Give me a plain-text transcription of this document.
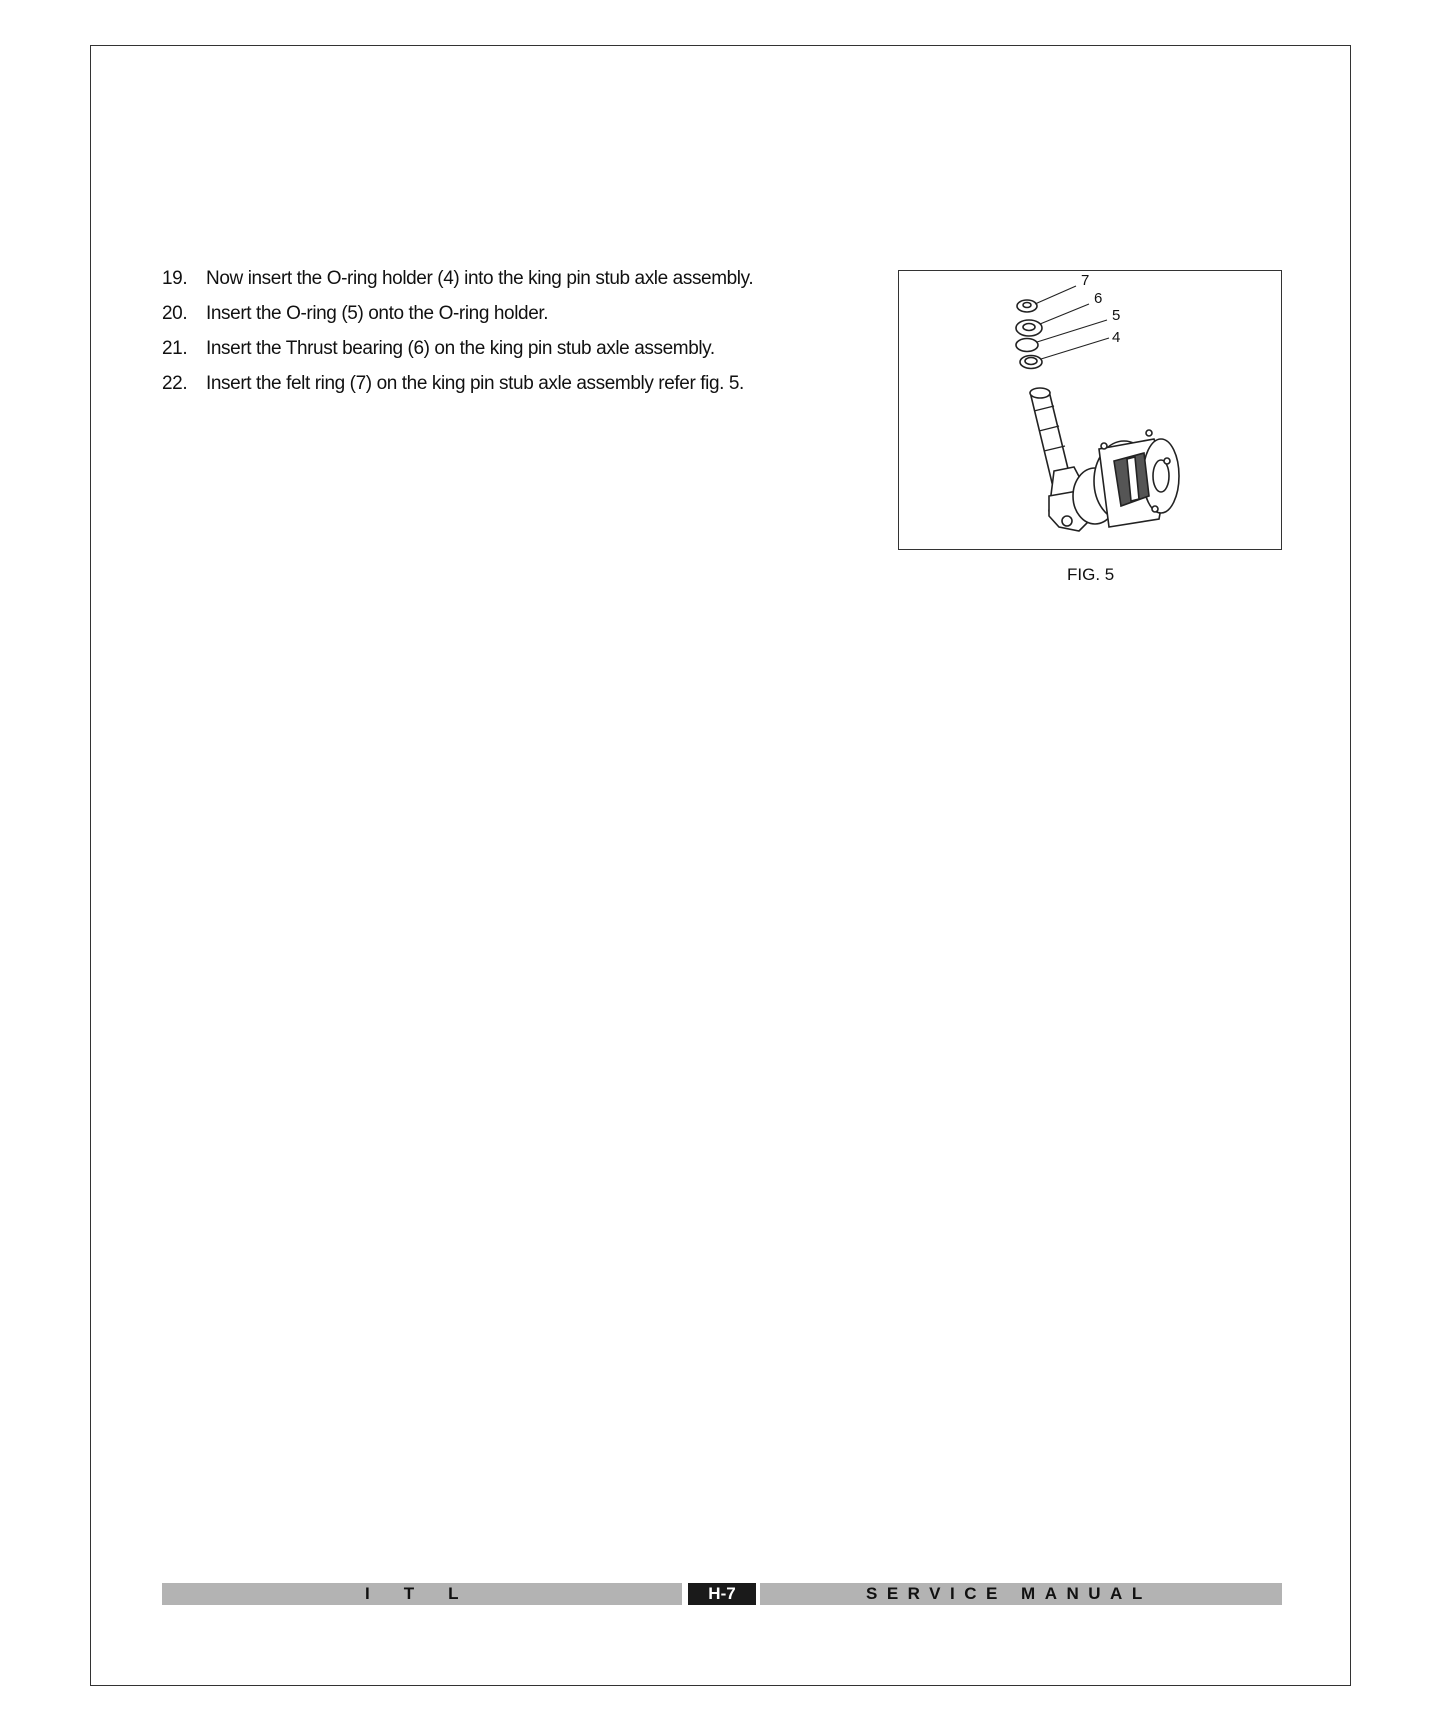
19. Now insert the O-ring holder (4) into the king pin stub axle assembly.
20. Insert the O-ring (5) onto the O-ring holder.
21. Insert the Thrust bearing (6) on the king pin stub axle assembly.
22. Insert the felt ring (7) on the king pin stub axle assembly refer fig. 5.
7
6
5
4
FIG. 5
ITL	H-7	SERVICE MANUAL
